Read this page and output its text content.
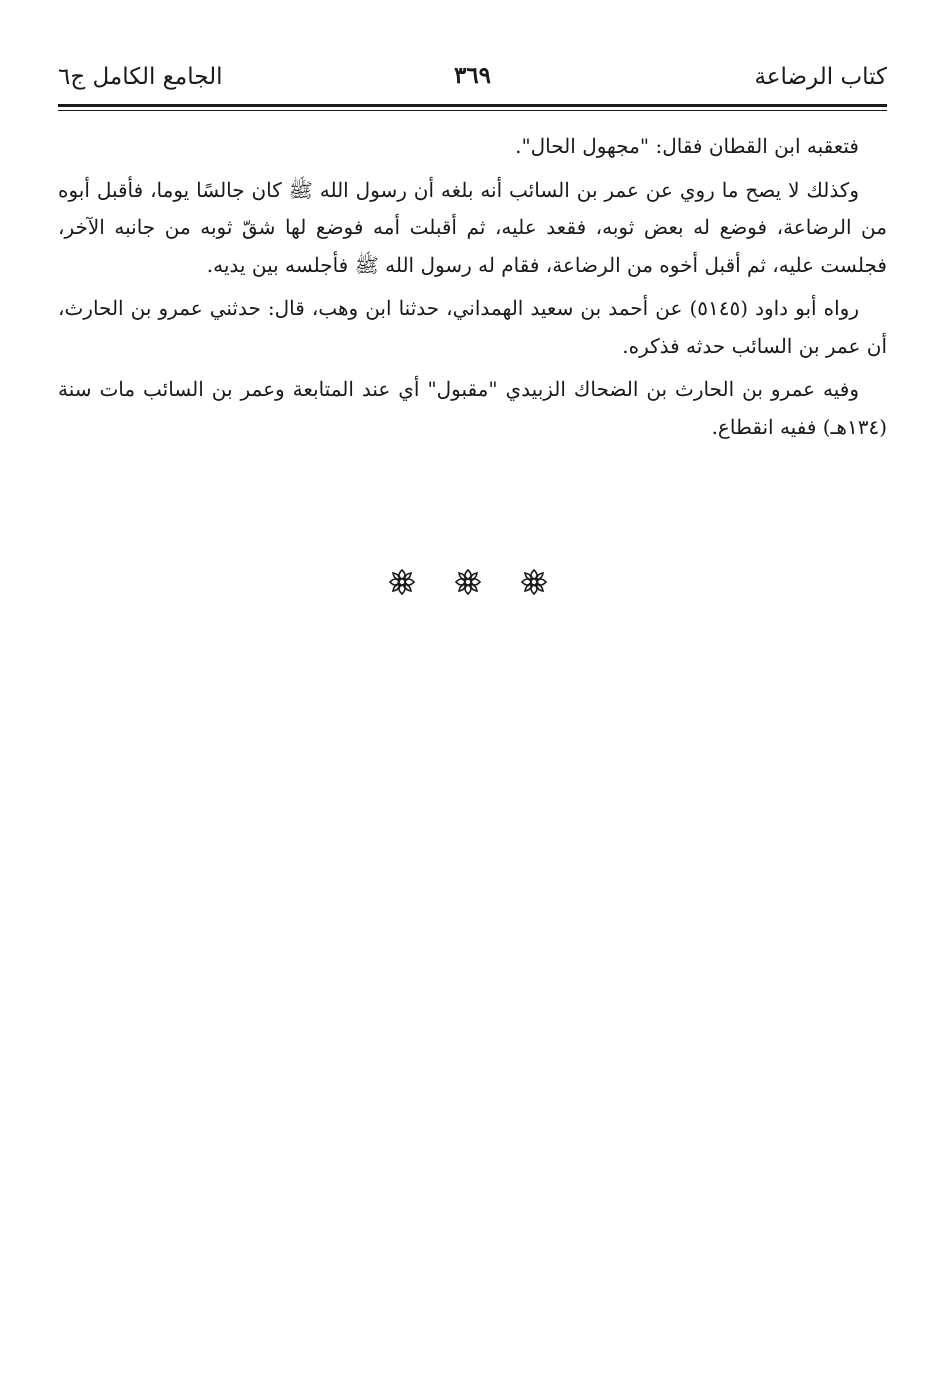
كتاب الرضاعة
٣٦٩
الجامع الكامل ج٦

فتعقبه ابن القطان فقال: "مجهول الحال".

وكذلك لا يصح ما روي عن عمر بن السائب أنه بلغه أن رسول الله ﷺ كان جالسًا يوما، فأقبل أبوه من الرضاعة، فوضع له بعض ثوبه، فقعد عليه، ثم أقبلت أمه فوضع لها شقّ ثوبه من جانبه الآخر، فجلست عليه، ثم أقبل أخوه من الرضاعة، فقام له رسول الله ﷺ فأجلسه بين يديه.

رواه أبو داود (٥١٤٥) عن أحمد بن سعيد الهمداني، حدثنا ابن وهب، قال: حدثني عمرو بن الحارث، أن عمر بن السائب حدثه فذكره.

وفيه عمرو بن الحارث بن الضحاك الزبيدي "مقبول" أي عند المتابعة وعمر بن السائب مات سنة (١٣٤هـ) ففيه انقطاع.
